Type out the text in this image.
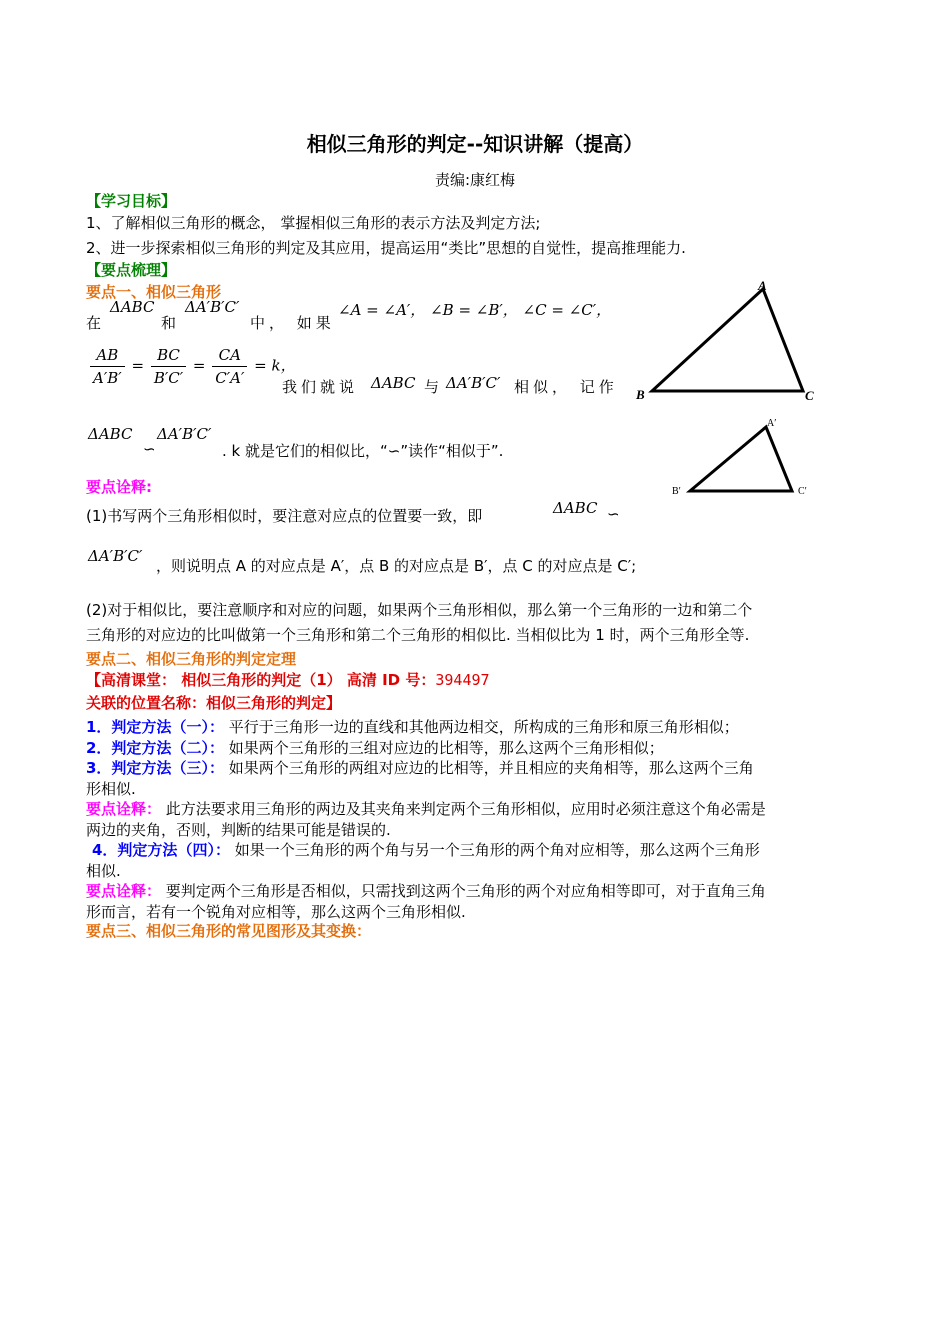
相似三角形的判定--知识讲解（提高）
责编:康红梅
【学习目标】
1、了解相似三角形的概念， 掌握相似三角形的表示方法及判定方法;
2、进一步探索相似三角形的判定及其应用，提高运用“类比”思想的自觉性，提高推理能力.
【要点梳理】
要点一、相似三角形
在
ΔABC
和
ΔA′B′C′
中， 如果
∠A = ∠A′， ∠B = ∠B′， ∠C = ∠C′，
$\frac{AB}{A'B'} = \frac{BC}{B'C'} = \frac{CA}{C'A'} = k$，
我们就说 ΔABC 与 ΔA′B′C′ 相似， 记作
ΔABC
∽
ΔA′B′C′
. k 就是它们的相似比，“∽”读作“相似于”.
要点诠释:
(1)书写两个三角形相似时，要注意对应点的位置要一致，即	ΔABC ∽
ΔA′B′C′
，则说明点 A 的对应点是 A′，点 B 的对应点是 B′，点 C 的对应点是 C′;
(2)对于相似比，要注意顺序和对应的问题，如果两个三角形相似，那么第一个三角形的一边和第二个
三角形的对应边的比叫做第一个三角形和第二个三角形的相似比. 当相似比为 1 时，两个三角形全等.
要点二、相似三角形的判定定理
【高清课堂： 相似三角形的判定（1） 高清 ID 号：394497
关联的位置名称：相似三角形的判定】
1．判定方法（一）： 平行于三角形一边的直线和其他两边相交，所构成的三角形和原三角形相似；
2．判定方法（二）： 如果两个三角形的三组对应边的比相等，那么这两个三角形相似；
3．判定方法（三）： 如果两个三角形的两组对应边的比相等，并且相应的夹角相等，那么这两个三角
形相似.
要点诠释： 此方法要求用三角形的两边及其夹角来判定两个三角形相似，应用时必须注意这个角必需是
两边的夹角，否则，判断的结果可能是错误的.
4．判定方法（四）： 如果一个三角形的两个角与另一个三角形的两个角对应相等，那么这两个三角形
相似.
要点诠释： 要判定两个三角形是否相似，只需找到这两个三角形的两个对应角相等即可，对于直角三角
形而言，若有一个锐角对应相等，那么这两个三角形相似.
要点三、相似三角形的常见图形及其变换：
A
B	C
A′
B′	C′
